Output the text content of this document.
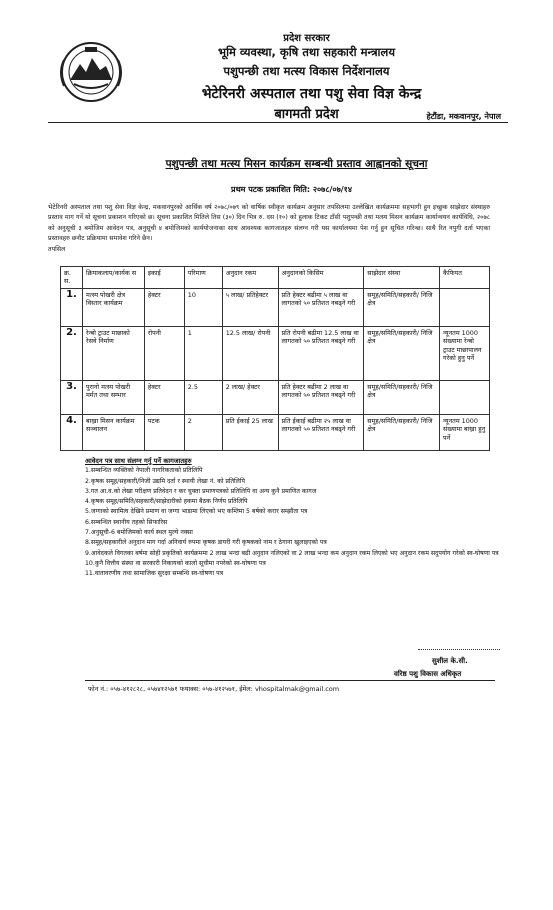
प्रदेश सरकार
भूमि व्यवस्था, कृषि तथा सहकारी मन्त्रालय
पशुपन्छी तथा मत्स्य विकास निर्देशनालय
भेटेरिनरी अस्पताल तथा पशु सेवा विज्ञ केन्द्र
बागमती प्रदेश	हेटौंडा, मकवानपुर, नेपाल
पशुपन्छी तथा मत्स्य मिसन कार्यक्रम सम्बन्धी प्रस्ताव आह्वानको सूचना
प्रथम पटक प्रकाशित मिति: २०७८/०७/१४
भेटेरिनरी अस्पताल तथा पशु सेवा विज्ञ केन्द्र, मकवानपुरको आर्थिक वर्ष २०७८/०७९ को वार्षिक स्वीकृत कार्यक्रम अनुसार तपसिलमा उल्लेखित कार्यक्रममा सहभागी हुन इच्छुक साझेदार संस्थाहरु प्रस्ताव माग गर्ने यो सूचना प्रकाशन गरिएको छ। सूचना प्रकाशित मितिले तिस (३०) दिन भित्र रु. दस (१०) को हुलाक टिकट टाँसी पशुपन्छी तथा मत्स्य मिसन कार्यक्रम कार्यान्वयन कार्यविधि, २०७८ को अनुसूची ३ बमोजिम आवेदन पत्र, अनुसूची ४ बमोजिमको कार्ययोजनाका साथ आवश्यक कागजातहरु संलग्न गरी यस कार्यालयमा पेश गर्नु हुन सूचित गरिन्छ। साथै रित नपुगी दर्ता भएका प्रस्तावहरु छनौट प्रक्रियामा समावेश गरिने छैन।
तपसिल
क्र. स.	क्रियाकलाप/कार्यक स	इकाई	परिमाण	अनुदान रकम	अनुदानको किसिम	साझेदार संस्था	कैफियत
1.	मत्स्य पोखरी क्षेत्र विस्तार कार्यक्रम	हेक्टर	10	५ लाख/ प्रतिहेक्टर	प्रति हेक्टर बढीमा ५ लाख वा लागतको ५० प्रतिशत नबढ्ने गरी	समूह/समिति/सहकारी/ निजि क्षेत्र	
2.	रेन्बो ट्राउट माछाको रेसवे निर्माण	रोपनी	1	12.5 लाख/ रोपनी	प्रति रोपनी बढीमा 12.5 लाख वा लागतको ५० प्रतिशत नबढ्ने गरी	समूह/समिति/सहकारी/ निजि क्षेत्र	न्यूनतम 1000 संख्यामा रेन्बो ट्राउट माछापालन गरेको हुनु पर्ने
3.	पुरानो मत्स्य पोखरी मर्मत तथा सम्भार	हेक्टर	2.5	2 लाख/ हेक्टर	प्रति हेक्टर बढीमा 2 लाख वा लागतको ५० प्रतिशत नबढ्ने गरी	समूह/समिति/सहकारी/ निजि क्षेत्र	
4.	बाख्रा मिसन कार्यक्रम सञ्चालन	पटक	2	प्रति ईकाई 25 लाख	प्रति ईकाई बढीमा २५ लाख वा लागतको ५० प्रतिशत नबढ्ने गरी	समूह/समिति/सहकारी/ निजि क्षेत्र	न्यूनतम 1000 संख्यामा बाख्रा हुनु पर्ने
आवेदन पत्र साथ संलग्न गर्नु पर्ने कागजातहरु
1.सम्बन्धित व्यक्तिको नेपाली नागरिकताको प्रतिलिपि
2.कृषक समूह/सहकारी/निजी उद्यमि दर्ता र स्थायी लेखा नं. को प्रतिलिपि
3.गत आ.व.को लेखा परीक्षण प्रतिवेदन र कर चुक्ता प्रमाणपत्रको प्रतिलिपि वा अन्य कुनै प्रमाणित कागज
4.कृषक समूह/समिति/सहकारी/साझेदारीको हकमा बैठक निर्णय प्रतिलिपि
5.जग्गाको स्वामित्व देखिने प्रमाण वा जग्गा भाडामा लिएको भए कम्तिमा 5 बर्षको करार सम्झौता पत्र
6.सम्बन्धित स्थानीय तहको सिफारिस
7.अनुसूची-6 बमोजिमको कार्य स्थल मुल्ये नक्सा
8.समूह/सहकारीले अनुदान माग गर्दा अनिवार्य रुपमा कृषक डायरी गरी कृषकको नाम र ठेगाना खुलाइएको पत्र
9.आवेदकले विगतका बर्षमा सोही प्रकृतिको कार्यक्रममा 2 लाख भन्दा बढी अनुदान नलिएको वा 2 लाख भन्दा कम अनुदान रकम लिएको भए अनुदान रकम सदुपयोग गरेको स्व-घोषणा पत्र
10.कुनै वित्तीय संस्था वा सरकारी निकायको कालो सूचीमा नपरेको स्व-घोषणा पत्र
11.वातावरणीय तथा सामाजिक सुरक्षा सम्बन्धि स्व-घोषणा पत्र
सुशील के.सी.
वरिष्ठ पशु विकास अधिकृत
फोन नं.: ०५७-४१२८२८, ०५७४१२५७१ फयाक्स: ०५७-४१२५७१, ईमेल: vhospitalmak@gmail.com
